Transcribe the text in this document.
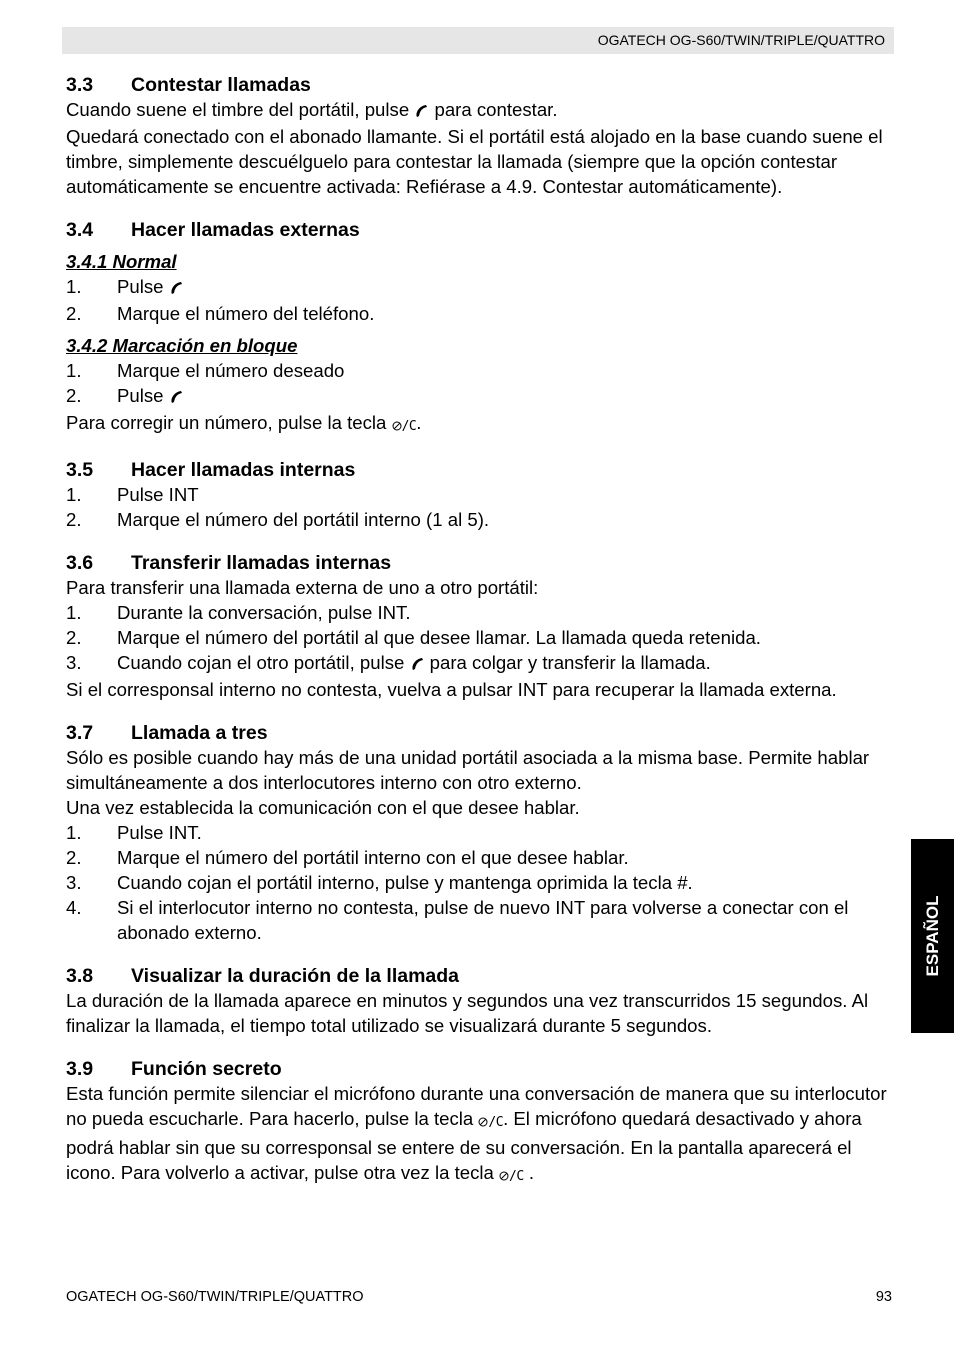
OGATECH OG-S60/TWIN/TRIPLE/QUATTRO
3.3 Contestar llamadas

Cuando suene el timbre del portátil, pulse  para contestar.

Quedará conectado con el abonado llamante. Si el portátil está alojado en la base cuando suene el timbre, simplemente descuélguelo para contestar la llamada (siempre que la opción contestar automáticamente se encuentre activada: Refiérase a 4.9. Contestar automáticamente).

3.4 Hacer llamadas externas
3.4.1 Normal
1.	Pulse
2.	Marque el número del teléfono.
3.4.2 Marcación en bloque
1.	Marque el número deseado
2.	Pulse

Para corregir un número, pulse la tecla /C.

3.5 Hacer llamadas internas
1.	Pulse INT
2.	Marque el número del portátil interno (1 al 5).
3.6 Transferir llamadas internas

Para transferir una llamada externa de uno a otro portátil:

1.	Durante la conversación, pulse INT.
2.	Marque el número del portátil al que desee llamar. La llamada queda retenida.
3.	Cuando cojan el otro portátil, pulse  para colgar y transferir la llamada.

Si el corresponsal interno no contesta, vuelva a pulsar INT para recuperar la llamada externa.

3.7 Llamada a tres

Sólo es posible cuando hay más de una unidad portátil asociada a la misma base. Permite hablar simultáneamente a dos interlocutores interno con otro externo.

Una vez establecida la comunicación con el que desee hablar.

1.	Pulse INT.
2.	Marque el número del portátil interno con el que desee hablar.
3.	Cuando cojan el portátil interno, pulse y mantenga oprimida la tecla #.
4.	Si el interlocutor interno no contesta, pulse de nuevo INT para volverse a conectar con el abonado externo.
3.8 Visualizar la duración de la llamada

La duración de la llamada aparece en minutos y segundos una vez transcurridos 15 segundos. Al finalizar la llamada, el tiempo total utilizado se visualizará durante 5 segundos.

3.9 Función secreto

Esta función permite silenciar el micrófono durante una conversación de manera que su interlocutor no pueda escucharle. Para hacerlo, pulse la tecla /C. El micrófono quedará desactivado y ahora podrá hablar sin que su corresponsal se entere de su conversación. En la pantalla aparecerá el icono. Para volverlo a activar, pulse otra vez la tecla /C .

ESPAÑOL
OGATECH OG-S60/TWIN/TRIPLE/QUATTRO	93
